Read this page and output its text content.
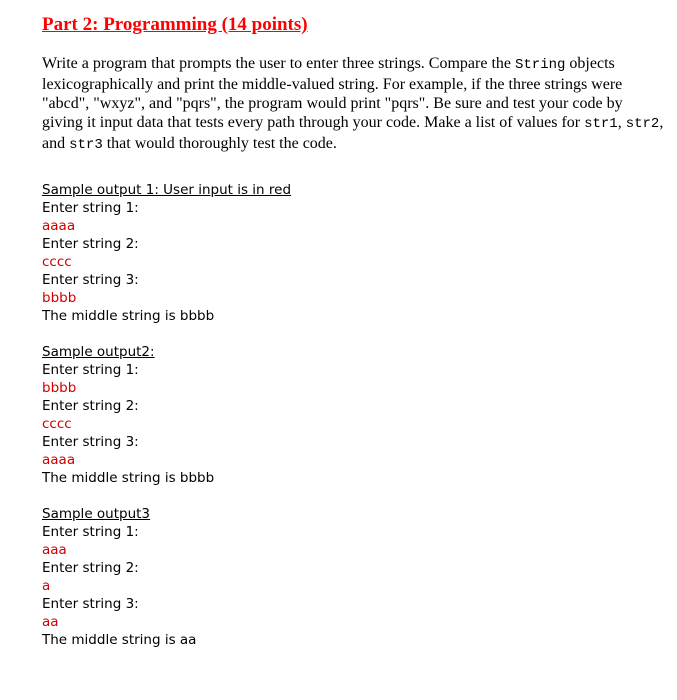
Part 2: Programming (14 points)

Write a program that prompts the user to enter three strings. Compare the String objects lexicographically and print the middle-valued string. For example, if the three strings were "abcd", "wxyz", and "pqrs", the program would print "pqrs". Be sure and test your code by giving it input data that tests every path through your code. Make a list of values for str1, str2, and str3 that would thoroughly test the code.

Sample output 1: User input is in red
Enter string 1:
aaaa
Enter string 2:
cccc
Enter string 3:
bbbb
The middle string is bbbb
Sample output2:
Enter string 1:
bbbb
Enter string 2:
cccc
Enter string 3:
aaaa
The middle string is bbbb
Sample output3
Enter string 1:
aaa
Enter string 2:
a
Enter string 3:
aa
The middle string is aa
